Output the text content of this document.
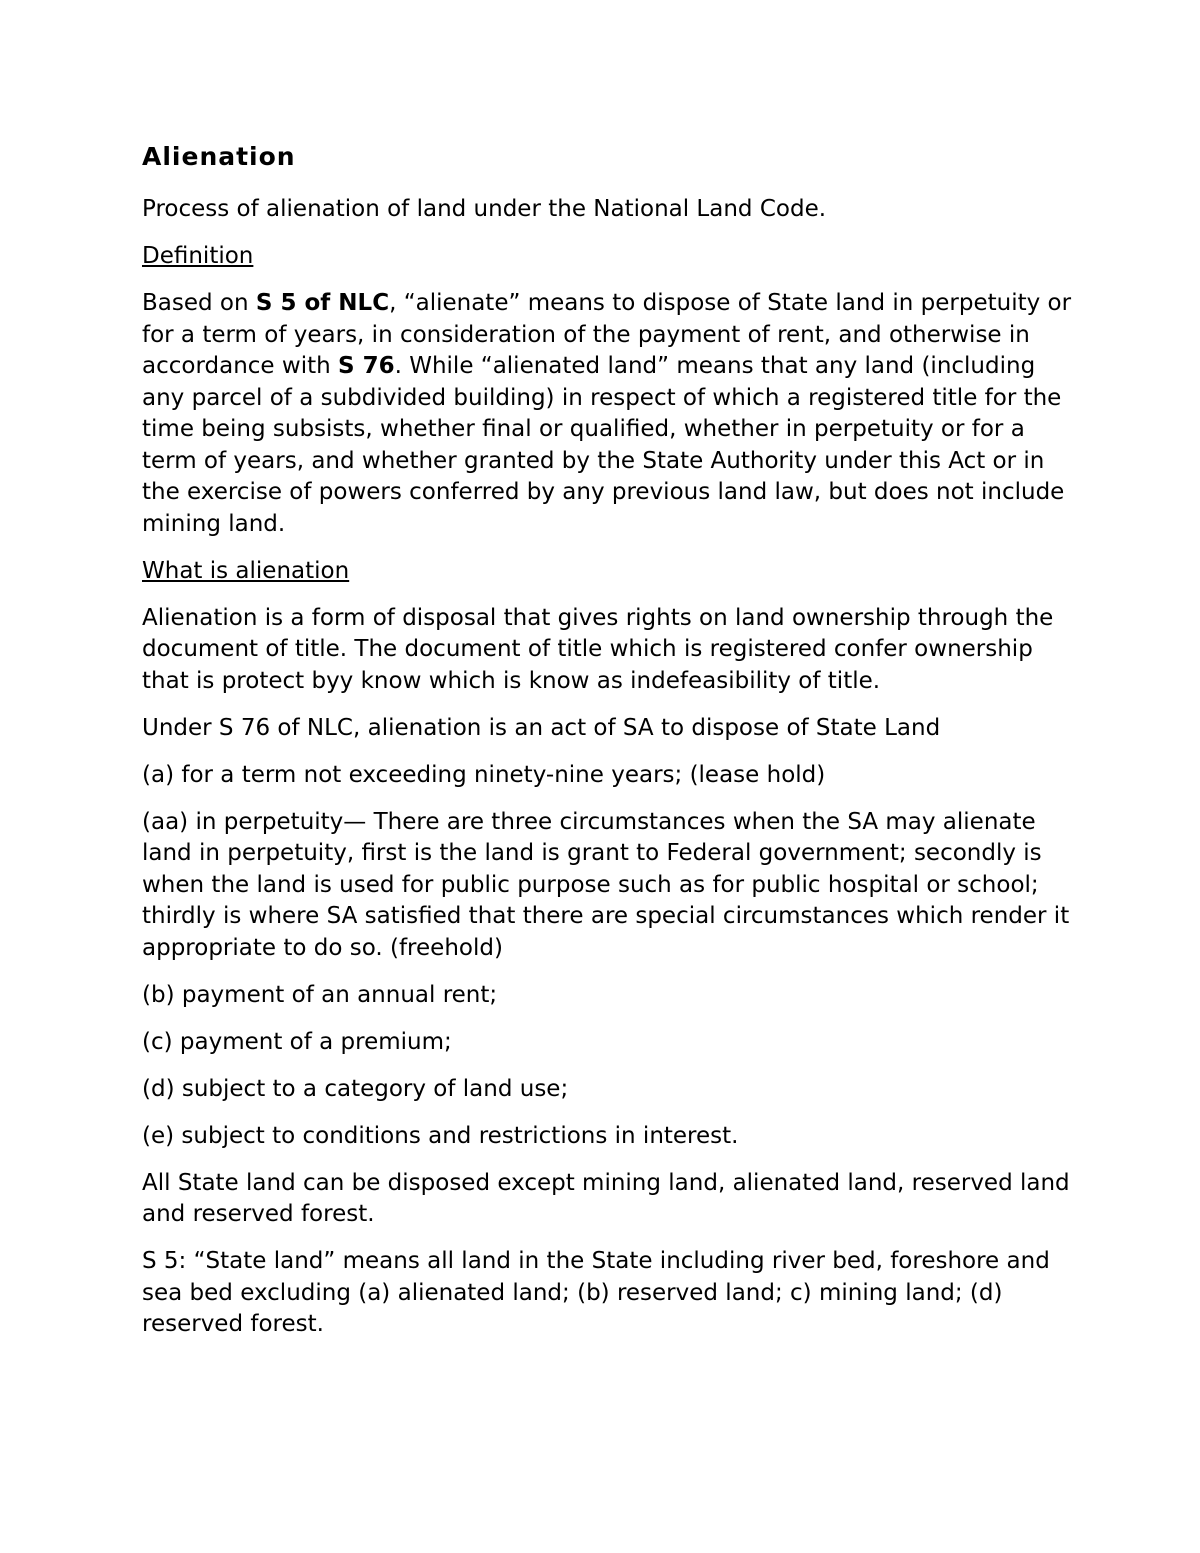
Alienation

Process of alienation of land under the National Land Code.

Definition

Based on S 5 of NLC, “alienate” means to dispose of State land in perpetuity or for a term of years, in consideration of the payment of rent, and otherwise in accordance with S 76. While “alienated land” means that any land (including any parcel of a subdivided building) in respect of which a registered title for the time being subsists, whether final or qualified, whether in perpetuity or for a term of years, and whether granted by the State Authority under this Act or in the exercise of powers conferred by any previous land law, but does not include mining land.

What is alienation

Alienation is a form of disposal that gives rights on land ownership through the document of title. The document of title which is registered confer ownership that is protect byy know which is know as indefeasibility of title.

Under S 76 of NLC, alienation is an act of SA to dispose of State Land

(a) for a term not exceeding ninety-nine years; (lease hold)

(aa) in perpetuity— There are three circumstances when the SA may alienate land in perpetuity, first is the land is grant to Federal government; secondly is when the land is used for public purpose such as for public hospital or school; thirdly is where SA satisfied that there are special circumstances which render it appropriate to do so. (freehold)

(b) payment of an annual rent;

(c) payment of a premium;

(d) subject to a category of land use;

(e) subject to conditions and restrictions in interest.

All State land can be disposed except mining land, alienated land, reserved land and reserved forest.

S 5: “State land” means all land in the State including river bed, foreshore and sea bed excluding (a) alienated land; (b) reserved land; c) mining land; (d) reserved forest.
